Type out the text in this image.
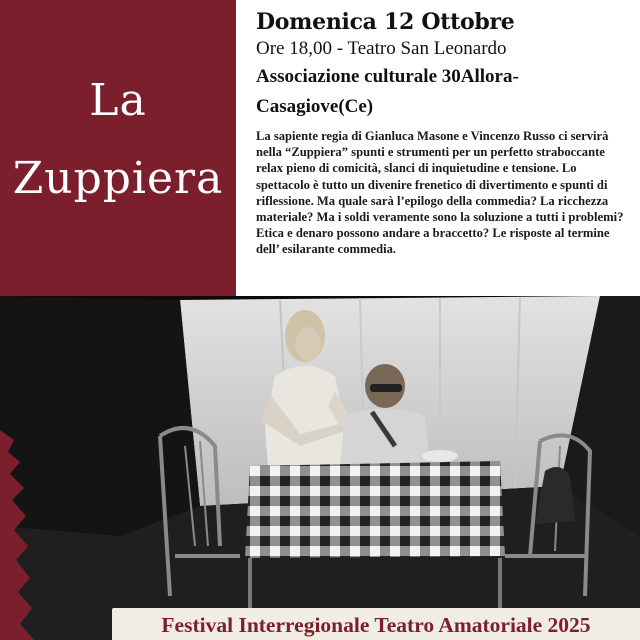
La
Zuppiera
Domenica 12 Ottobre
Ore 18,00 - Teatro San Leonardo
Associazione culturale 30Allora-
Casagiove(Ce)
La sapiente regia di Gianluca Masone e Vincenzo Russo ci servirà nella “Zuppiera” spunti e strumenti per un perfetto straboccante relax pieno di comicità, slanci di inquietudine e tensione. Lo spettacolo è tutto un divenire frenetico di divertimento e spunti di riflessione. Ma quale sarà l’epilogo della commedia? La ricchezza materiale? Ma i soldi veramente sono la soluzione a tutti i problemi? Etica e denaro possono andare a braccetto? Le risposte al termine dell’ esilarante commedia.
Festival Interregionale Teatro Amatoriale 2025
